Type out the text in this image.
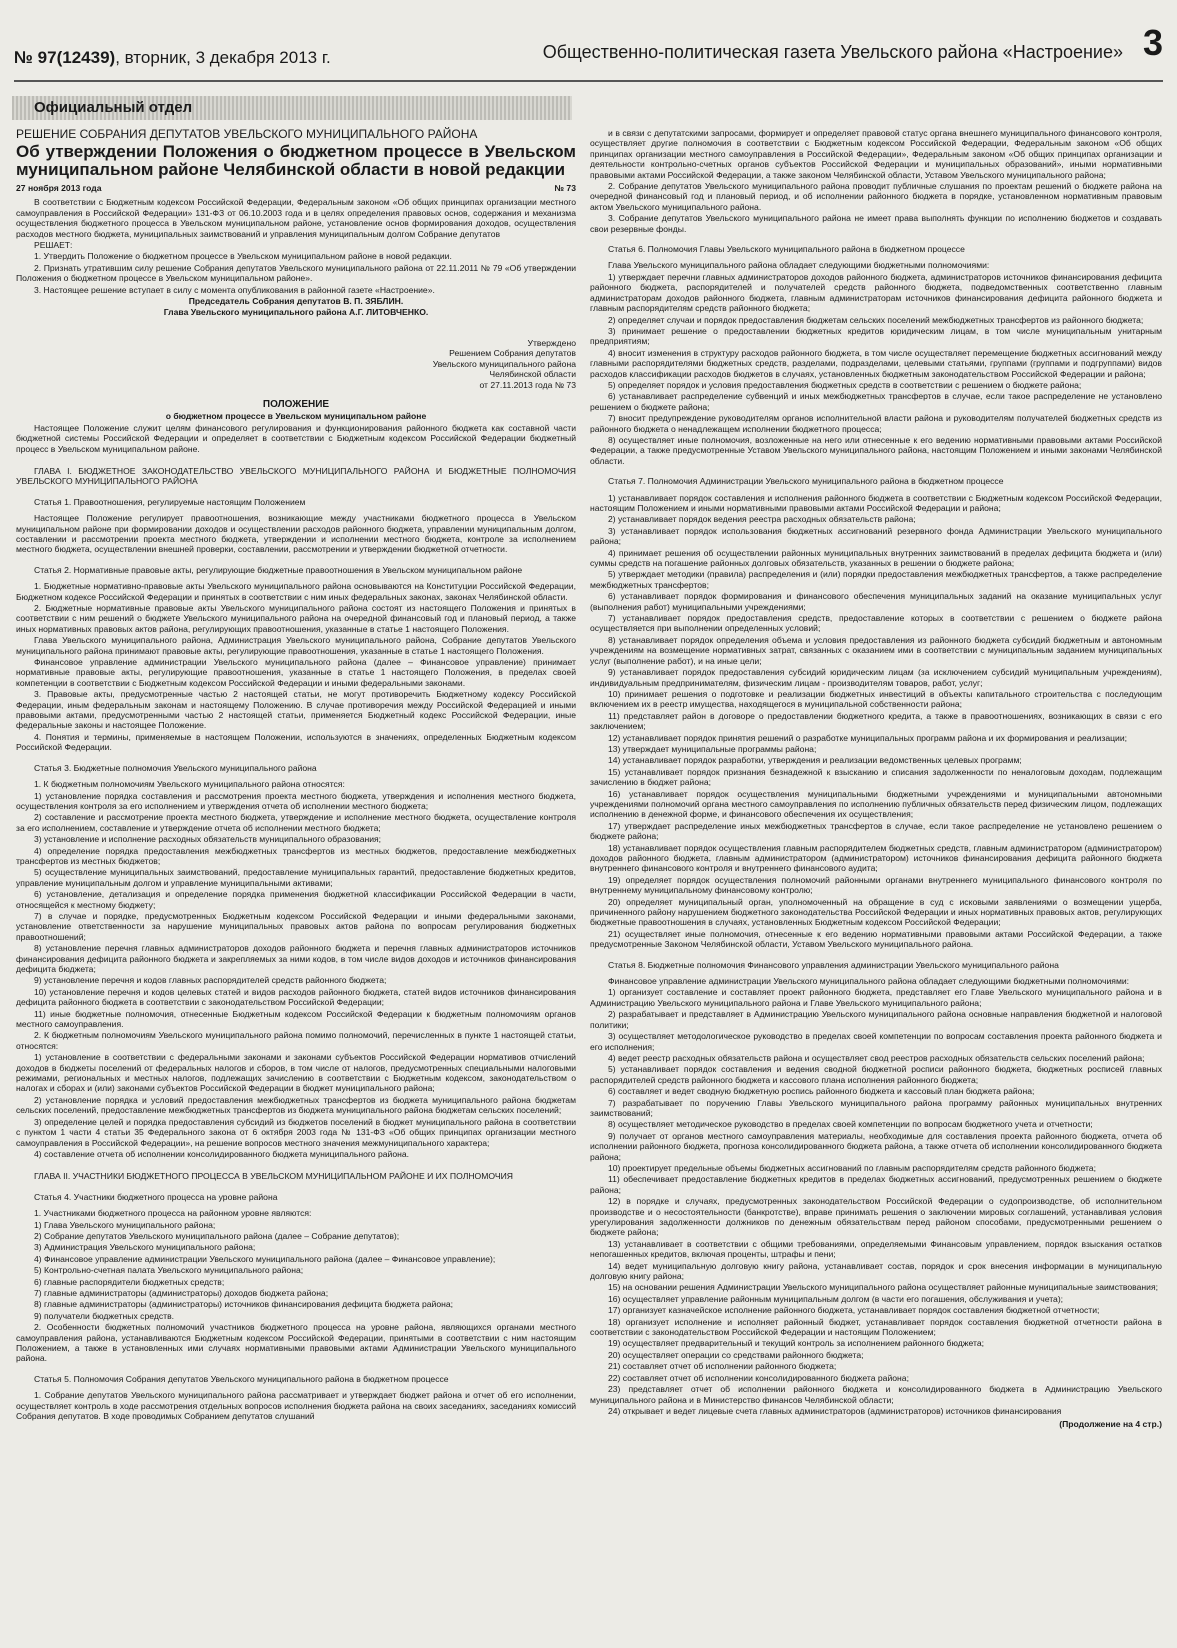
№ 97(12439), вторник, 3 декабря 2013 г.	Общественно-политическая газета Увельского района «Настроение» 3
Официальный отдел
РЕШЕНИЕ СОБРАНИЯ ДЕПУТАТОВ УВЕЛЬСКОГО МУНИЦИПАЛЬНОГО РАЙОНА
Об утверждении Положения о бюджетном процессе в Увельском муниципальном районе Челябинской области в новой редакции
27 ноября 2013 года	№ 73

В соответствии с Бюджетным кодексом Российской Федерации, Федеральным законом «Об общих принципах организации местного самоуправления в Российской Федерации» 131-ФЗ от 06.10.2003 года и в целях определения правовых основ, содержания и механизма осуществления бюджетного процесса в Увельском муниципальном районе, установление основ формирования доходов, осуществления расходов местного бюджета, муниципальных заимствований и управления муниципальным долгом Собрание депутатов

РЕШАЕТ:

1. Утвердить Положение о бюджетном процессе в Увельском муниципальном районе в новой редакции.

2. Признать утратившим силу решение Собрания депутатов Увельского муниципального района от 22.11.2011 № 79 «Об утверждении Положения о бюджетном процессе в Увельском муниципальном районе».

3. Настоящее решение вступает в силу с момента опубликования в районной газете «Настроение».

Председатель Собрания депутатов В. П. ЗЯБЛИН.

Глава Увельского муниципального района А.Г. ЛИТОВЧЕНКО.

Утверждено
Решением Собрания депутатов
Увельского муниципального района
Челябинской области
от 27.11.2013 года № 73

ПОЛОЖЕНИЕ

о бюджетном процессе в Увельском муниципальном районе

Настоящее Положение служит целям финансового регулирования и функционирования районного бюджета как составной части бюджетной системы Российской Федерации и определяет в соответствии с Бюджетным кодексом Российской Федерации бюджетный процесс в Увельском муниципальном районе.

ГЛАВА I. БЮДЖЕТНОЕ ЗАКОНОДАТЕЛЬСТВО УВЕЛЬСКОГО МУНИЦИПАЛЬНОГО РАЙОНА И БЮДЖЕТНЫЕ ПОЛНОМОЧИЯ УВЕЛЬСКОГО МУНИЦИПАЛЬНОГО РАЙОНА
Статья 1. Правоотношения, регулируемые настоящим Положением

Настоящее Положение регулирует правоотношения, возникающие между участниками бюджетного процесса в Увельском муниципальном районе при формировании доходов и осуществлении расходов районного бюджета, управлении муниципальным долгом, составлении и рассмотрении проекта местного бюджета, утверждении и исполнении местного бюджета, контроле за исполнением местного бюджета, осуществлении внешней проверки, составлении, рассмотрении и утверждении бюджетной отчетности.

Статья 2. Нормативные правовые акты, регулирующие бюджетные правоотношения в Увельском муниципальном районе

1. Бюджетные нормативно-правовые акты Увельского муниципального района основываются на Конституции Российской Федерации, Бюджетном кодексе Российской Федерации и принятых в соответствии с ним иных федеральных законах, законах Челябинской области.

2. Бюджетные нормативные правовые акты Увельского муниципального района состоят из настоящего Положения и принятых в соответствии с ним решений о бюджете Увельского муниципального района на очередной финансовый год и плановый период, а также иных нормативных правовых актов района, регулирующих правоотношения, указанные в статье 1 настоящего Положения.

Глава Увельского муниципального района, Администрация Увельского муниципального района, Собрание депутатов Увельского муниципального района принимают правовые акты, регулирующие правоотношения, указанные в статье 1 настоящего Положения.

Финансовое управление администрации Увельского муниципального района (далее – Финансовое управление) принимает нормативные правовые акты, регулирующие правоотношения, указанные в статье 1 настоящего Положения, в пределах своей компетенции в соответствии с Бюджетным кодексом Российской Федерации и иными федеральными законами.

3. Правовые акты, предусмотренные частью 2 настоящей статьи, не могут противоречить Бюджетному кодексу Российской Федерации, иным федеральным законам и настоящему Положению. В случае противоречия между Российской Федерацией и иными правовыми актами, предусмотренными частью 2 настоящей статьи, применяется Бюджетный кодекс Российской Федерации, иные федеральные законы и настоящее Положение.

4. Понятия и термины, применяемые в настоящем Положении, используются в значениях, определенных Бюджетным кодексом Российской Федерации.

Статья 3. Бюджетные полномочия Увельского муниципального района

1. К бюджетным полномочиям Увельского муниципального района относятся:

1) установление порядка составления и рассмотрения проекта местного бюджета, утверждения и исполнения местного бюджета, осуществления контроля за его исполнением и утверждения отчета об исполнении местного бюджета;

2) составление и рассмотрение проекта местного бюджета, утверждение и исполнение местного бюджета, осуществление контроля за его исполнением, составление и утверждение отчета об исполнении местного бюджета;

3) установление и исполнение расходных обязательств муниципального образования;

4) определение порядка предоставления межбюджетных трансфертов из местных бюджетов, предоставление межбюджетных трансфертов из местных бюджетов;

5) осуществление муниципальных заимствований, предоставление муниципальных гарантий, предоставление бюджетных кредитов, управление муниципальным долгом и управление муниципальными активами;

6) установление, детализация и определение порядка применения бюджетной классификации Российской Федерации в части, относящейся к местному бюджету;

7) в случае и порядке, предусмотренных Бюджетным кодексом Российской Федерации и иными федеральными законами, установление ответственности за нарушение муниципальных правовых актов района по вопросам регулирования бюджетных правоотношений;

8) установление перечня главных администраторов доходов районного бюджета и перечня главных администраторов источников финансирования дефицита районного бюджета и закрепляемых за ними кодов, в том числе видов доходов и источников финансирования дефицита бюджета;

9) установление перечня и кодов главных распорядителей средств районного бюджета;

10) установление перечня и кодов целевых статей и видов расходов районного бюджета, статей видов источников финансирования дефицита районного бюджета в соответствии с законодательством Российской Федерации;

11) иные бюджетные полномочия, отнесенные Бюджетным кодексом Российской Федерации к бюджетным полномочиям органов местного самоуправления.

2. К бюджетным полномочиям Увельского муниципального района помимо полномочий, перечисленных в пункте 1 настоящей статьи, относятся:

1) установление в соответствии с федеральными законами и законами субъектов Российской Федерации нормативов отчислений доходов в бюджеты поселений от федеральных налогов и сборов, в том числе от налогов, предусмотренных специальными налоговыми режимами, региональных и местных налогов, подлежащих зачислению в соответствии с Бюджетным кодексом, законодательством о налогах и сборах и (или) законами субъектов Российской Федерации в бюджет муниципального района;

2) установление порядка и условий предоставления межбюджетных трансфертов из бюджета муниципального района бюджетам сельских поселений, предоставление межбюджетных трансфертов из бюджета муниципального района бюджетам сельских поселений;

3) определение целей и порядка предоставления субсидий из бюджетов поселений в бюджет муниципального района в соответствии с пунктом 1 части 4 статьи 35 Федерального закона от 6 октября 2003 года № 131-ФЗ «Об общих принципах организации местного самоуправления в Российской Федерации», на решение вопросов местного значения межмуниципального характера;

4) составление отчета об исполнении консолидированного бюджета муниципального района.

ГЛАВА II. УЧАСТНИКИ БЮДЖЕТНОГО ПРОЦЕССА В УВЕЛЬСКОМ МУНИЦИПАЛЬНОМ РАЙОНЕ И ИХ ПОЛНОМОЧИЯ
Статья 4. Участники бюджетного процесса на уровне района

1. Участниками бюджетного процесса на районном уровне являются:

1) Глава Увельского муниципального района;

2) Собрание депутатов Увельского муниципального района (далее – Собрание депутатов);

3) Администрация Увельского муниципального района;

4) Финансовое управление администрации Увельского муниципального района (далее – Финансовое управление);

5) Контрольно-счетная палата Увельского муниципального района;

6) главные распорядители бюджетных средств;

7) главные администраторы (администраторы) доходов бюджета района;

8) главные администраторы (администраторы) источников финансирования дефицита бюджета района;

9) получатели бюджетных средств.

2. Особенности бюджетных полномочий участников бюджетного процесса на уровне района, являющихся органами местного самоуправления района, устанавливаются Бюджетным кодексом Российской Федерации, принятыми в соответствии с ним настоящим Положением, а также в установленных ими случаях нормативными правовыми актами Администрации Увельского муниципального района.

Статья 5. Полномочия Собрания депутатов Увельского муниципального района в бюджетном процессе

1. Собрание депутатов Увельского муниципального района рассматривает и утверждает бюджет района и отчет об его исполнении, осуществляет контроль в ходе рассмотрения отдельных вопросов исполнения бюджета района на своих заседаниях, заседаниях комиссий Собрания депутатов. В ходе проводимых Собранием депутатов слушаний

и в связи с депутатскими запросами, формирует и определяет правовой статус органа внешнего муниципального финансового контроля, осуществляет другие полномочия в соответствии с Бюджетным кодексом Российской Федерации, Федеральным законом «Об общих принципах организации местного самоуправления в Российской Федерации», Федеральным законом «Об общих принципах организации и деятельности контрольно-счетных органов субъектов Российской Федерации и муниципальных образований», иными нормативными правовыми актами Российской Федерации, а также законом Челябинской области, Уставом Увельского муниципального района;

2. Собрание депутатов Увельского муниципального района проводит публичные слушания по проектам решений о бюджете района на очередной финансовый год и плановый период, и об исполнении районного бюджета в порядке, установленном нормативным правовым актом Увельского муниципального района.

3. Собрание депутатов Увельского муниципального района не имеет права выполнять функции по исполнению бюджетов и создавать свои резервные фонды.

Статья 6. Полномочия Главы Увельского муниципального района в бюджетном процессе

Глава Увельского муниципального района обладает следующими бюджетными полномочиями:

1) утверждает перечни главных администраторов доходов районного бюджета, администраторов источников финансирования дефицита районного бюджета, распорядителей и получателей средств районного бюджета, подведомственных соответственно главным администраторам доходов районного бюджета, главным администраторам источников финансирования дефицита районного бюджета и главным распорядителям средств районного бюджета;

2) определяет случаи и порядок предоставления бюджетам сельских поселений межбюджетных трансфертов из районного бюджета;

3) принимает решение о предоставлении бюджетных кредитов юридическим лицам, в том числе муниципальным унитарным предприятиям;

4) вносит изменения в структуру расходов районного бюджета, в том числе осуществляет перемещение бюджетных ассигнований между главными распорядителями бюджетных средств, разделами, подразделами, целевыми статьями, группами (группами и подгруппами) видов расходов классификации расходов бюджетов в случаях, установленных бюджетным законодательством Российской Федерации и района;

5) определяет порядок и условия предоставления бюджетных средств в соответствии с решением о бюджете района;

6) устанавливает распределение субвенций и иных межбюджетных трансфертов в случае, если такое распределение не установлено решением о бюджете района;

7) вносит предупреждение руководителям органов исполнительной власти района и руководителям получателей бюджетных средств из районного бюджета о ненадлежащем исполнении бюджетного процесса;

8) осуществляет иные полномочия, возложенные на него или отнесенные к его ведению нормативными правовыми актами Российской Федерации, а также предусмотренные Уставом Увельского муниципального района, настоящим Положением и иными законами Челябинской области.

Статья 7. Полномочия Администрации Увельского муниципального района в бюджетном процессе

1) устанавливает порядок составления и исполнения районного бюджета в соответствии с Бюджетным кодексом Российской Федерации, настоящим Положением и иными нормативными правовыми актами Российской Федерации и района;

2) устанавливает порядок ведения реестра расходных обязательств района;

3) устанавливает порядок использования бюджетных ассигнований резервного фонда Администрации Увельского муниципального района;

4) принимает решения об осуществлении районных муниципальных внутренних заимствований в пределах дефицита бюджета и (или) суммы средств на погашение районных долговых обязательств, указанных в решении о бюджете района;

5) утверждает методики (правила) распределения и (или) порядки предоставления межбюджетных трансфертов, а также распределение межбюджетных трансфертов;

6) устанавливает порядок формирования и финансового обеспечения муниципальных заданий на оказание муниципальных услуг (выполнения работ) муниципальными учреждениями;

7) устанавливает порядок предоставления средств, предоставление которых в соответствии с решением о бюджете района осуществляется при выполнении определенных условий;

8) устанавливает порядок определения объема и условия предоставления из районного бюджета субсидий бюджетным и автономным учреждениям на возмещение нормативных затрат, связанных с оказанием ими в соответствии с муниципальным заданием муниципальных услуг (выполнение работ), и на иные цели;

9) устанавливает порядок предоставления субсидий юридическим лицам (за исключением субсидий муниципальным учреждениям), индивидуальным предпринимателям, физическим лицам - производителям товаров, работ, услуг;

10) принимает решения о подготовке и реализации бюджетных инвестиций в объекты капитального строительства с последующим включением их в реестр имущества, находящегося в муниципальной собственности района;

11) представляет район в договоре о предоставлении бюджетного кредита, а также в правоотношениях, возникающих в связи с его заключением;

12) устанавливает порядок принятия решений о разработке муниципальных программ района и их формирования и реализации;

13) утверждает муниципальные программы района;

14) устанавливает порядок разработки, утверждения и реализации ведомственных целевых программ;

15) устанавливает порядок признания безнадежной к взысканию и списания задолженности по неналоговым доходам, подлежащим зачислению в бюджет района;

16) устанавливает порядок осуществления муниципальными бюджетными учреждениями и муниципальными автономными учреждениями полномочий органа местного самоуправления по исполнению публичных обязательств перед физическим лицом, подлежащих исполнению в денежной форме, и финансового обеспечения их осуществления;

17) утверждает распределение иных межбюджетных трансфертов в случае, если такое распределение не установлено решением о бюджете района;

18) устанавливает порядок осуществления главным распорядителем бюджетных средств, главным администратором (администратором) доходов районного бюджета, главным администратором (администратором) источников финансирования дефицита районного бюджета внутреннего финансового контроля и внутреннего финансового аудита;

19) определяет порядок осуществления полномочий районными органами внутреннего муниципального финансового контроля по внутреннему муниципальному финансовому контролю;

20) определяет муниципальный орган, уполномоченный на обращение в суд с исковыми заявлениями о возмещении ущерба, причиненного району нарушением бюджетного законодательства Российской Федерации и иных нормативных правовых актов, регулирующих бюджетные правоотношения в случаях, установленных Бюджетным кодексом Российской Федерации;

21) осуществляет иные полномочия, отнесенные к его ведению нормативными правовыми актами Российской Федерации, а также предусмотренные Законом Челябинской области, Уставом Увельского муниципального района.

Статья 8. Бюджетные полномочия Финансового управления администрации Увельского муниципального района

Финансовое управление администрации Увельского муниципального района обладает следующими бюджетными полномочиями:

1) организует составление и составляет проект районного бюджета, представляет его Главе Увельского муниципального района и в Администрацию Увельского муниципального района и Главе Увельского муниципального района;

2) разрабатывает и представляет в Администрацию Увельского муниципального района основные направления бюджетной и налоговой политики;

3) осуществляет методологическое руководство в пределах своей компетенции по вопросам составления проекта районного бюджета и его исполнения;

4) ведет реестр расходных обязательств района и осуществляет свод реестров расходных обязательств сельских поселений района;

5) устанавливает порядок составления и ведения сводной бюджетной росписи районного бюджета, бюджетных росписей главных распорядителей средств районного бюджета и кассового плана исполнения районного бюджета;

6) составляет и ведет сводную бюджетную роспись районного бюджета и кассовый план бюджета района;

7) разрабатывает по поручению Главы Увельского муниципального района программу районных муниципальных внутренних заимствований;

8) осуществляет методическое руководство в пределах своей компетенции по вопросам бюджетного учета и отчетности;

9) получает от органов местного самоуправления материалы, необходимые для составления проекта районного бюджета, отчета об исполнении районного бюджета, прогноза консолидированного бюджета района, а также отчета об исполнении консолидированного бюджета района;

10) проектирует предельные объемы бюджетных ассигнований по главным распорядителям средств районного бюджета;

11) обеспечивает предоставление бюджетных кредитов в пределах бюджетных ассигнований, предусмотренных решением о бюджете района;

12) в порядке и случаях, предусмотренных законодательством Российской Федерации о судопроизводстве, об исполнительном производстве и о несостоятельности (банкротстве), вправе принимать решения о заключении мировых соглашений, устанавливая условия урегулирования задолженности должников по денежным обязательствам перед районом способами, предусмотренными решением о бюджете района;

13) устанавливает в соответствии с общими требованиями, определяемыми Финансовым управлением, порядок взыскания остатков непогашенных кредитов, включая проценты, штрафы и пени;

14) ведет муниципальную долговую книгу района, устанавливает состав, порядок и срок внесения информации в муниципальную долговую книгу района;

15) на основании решения Администрации Увельского муниципального района осуществляет районные муниципальные заимствования;

16) осуществляет управление районным муниципальным долгом (в части его погашения, обслуживания и учета);

17) организует казначейское исполнение районного бюджета, устанавливает порядок составления бюджетной отчетности;

18) организует исполнение и исполняет районный бюджет, устанавливает порядок составления бюджетной отчетности района в соответствии с законодательством Российской Федерации и настоящим Положением;

19) осуществляет предварительный и текущий контроль за исполнением районного бюджета;

20) осуществляет операции со средствами районного бюджета;

21) составляет отчет об исполнении районного бюджета;

22) составляет отчет об исполнении консолидированного бюджета района;

23) представляет отчет об исполнении районного бюджета и консолидированного бюджета в Администрацию Увельского муниципального района и в Министерство финансов Челябинской области;

24) открывает и ведет лицевые счета главных администраторов (администраторов) источников финансирования

(Продолжение на 4 стр.)
